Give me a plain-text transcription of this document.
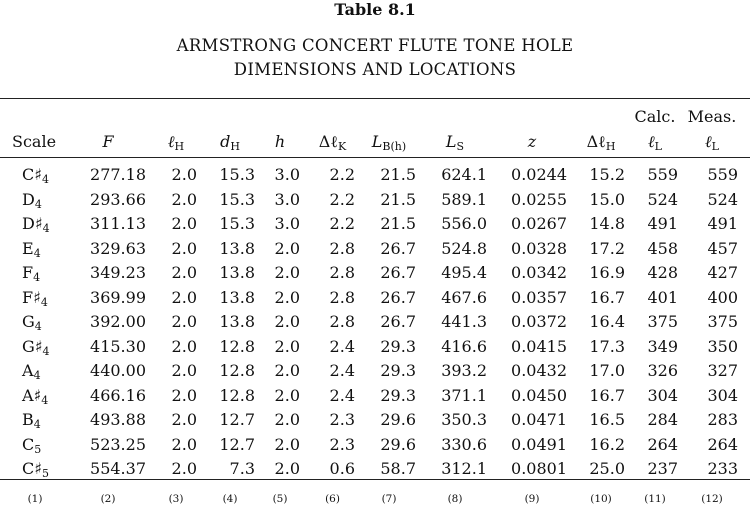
Table 8.1
ARMSTRONG CONCERT FLUTE TONE HOLE
DIMENSIONS AND LOCATIONS
Calc. Meas.
Scale	F	ℓ$_H$	$d_H$	h	Δℓ$_K$	$L_{B(h)}$	$L_S$	z	Δℓ$_H$	ℓ$_L$	ℓ$_L$
$C♯_4$	277.18	2.0	15.3	3.0	2.2	21.5	624.1	0.0244	15.2	559	559
$D_4$	293.66	2.0	15.3	3.0	2.2	21.5	589.1	0.0255	15.0	524	524
$D♯_4$	311.13	2.0	15.3	3.0	2.2	21.5	556.0	0.0267	14.8	491	491
$E_4$	329.63	2.0	13.8	2.0	2.8	26.7	524.8	0.0328	17.2	458	457
$F_4$	349.23	2.0	13.8	2.0	2.8	26.7	495.4	0.0342	16.9	428	427
$F♯_4$	369.99	2.0	13.8	2.0	2.8	26.7	467.6	0.0357	16.7	401	400
$G_4$	392.00	2.0	13.8	2.0	2.8	26.7	441.3	0.0372	16.4	375	375
$G♯_4$	415.30	2.0	12.8	2.0	2.4	29.3	416.6	0.0415	17.3	349	350
$A_4$	440.00	2.0	12.8	2.0	2.4	29.3	393.2	0.0432	17.0	326	327
$A♯_4$	466.16	2.0	12.8	2.0	2.4	29.3	371.1	0.0450	16.7	304	304
$B_4$	493.88	2.0	12.7	2.0	2.3	29.6	350.3	0.0471	16.5	284	283
$C_5$	523.25	2.0	12.7	2.0	2.3	29.6	330.6	0.0491	16.2	264	264
$C♯_5$	554.37	2.0	7.3	2.0	0.6	58.7	312.1	0.0801	25.0	237	233
(1)	(2)	(3)	(4)	(5)	(6)	(7)	(8)	(9)	(10)	(11)	(12)
